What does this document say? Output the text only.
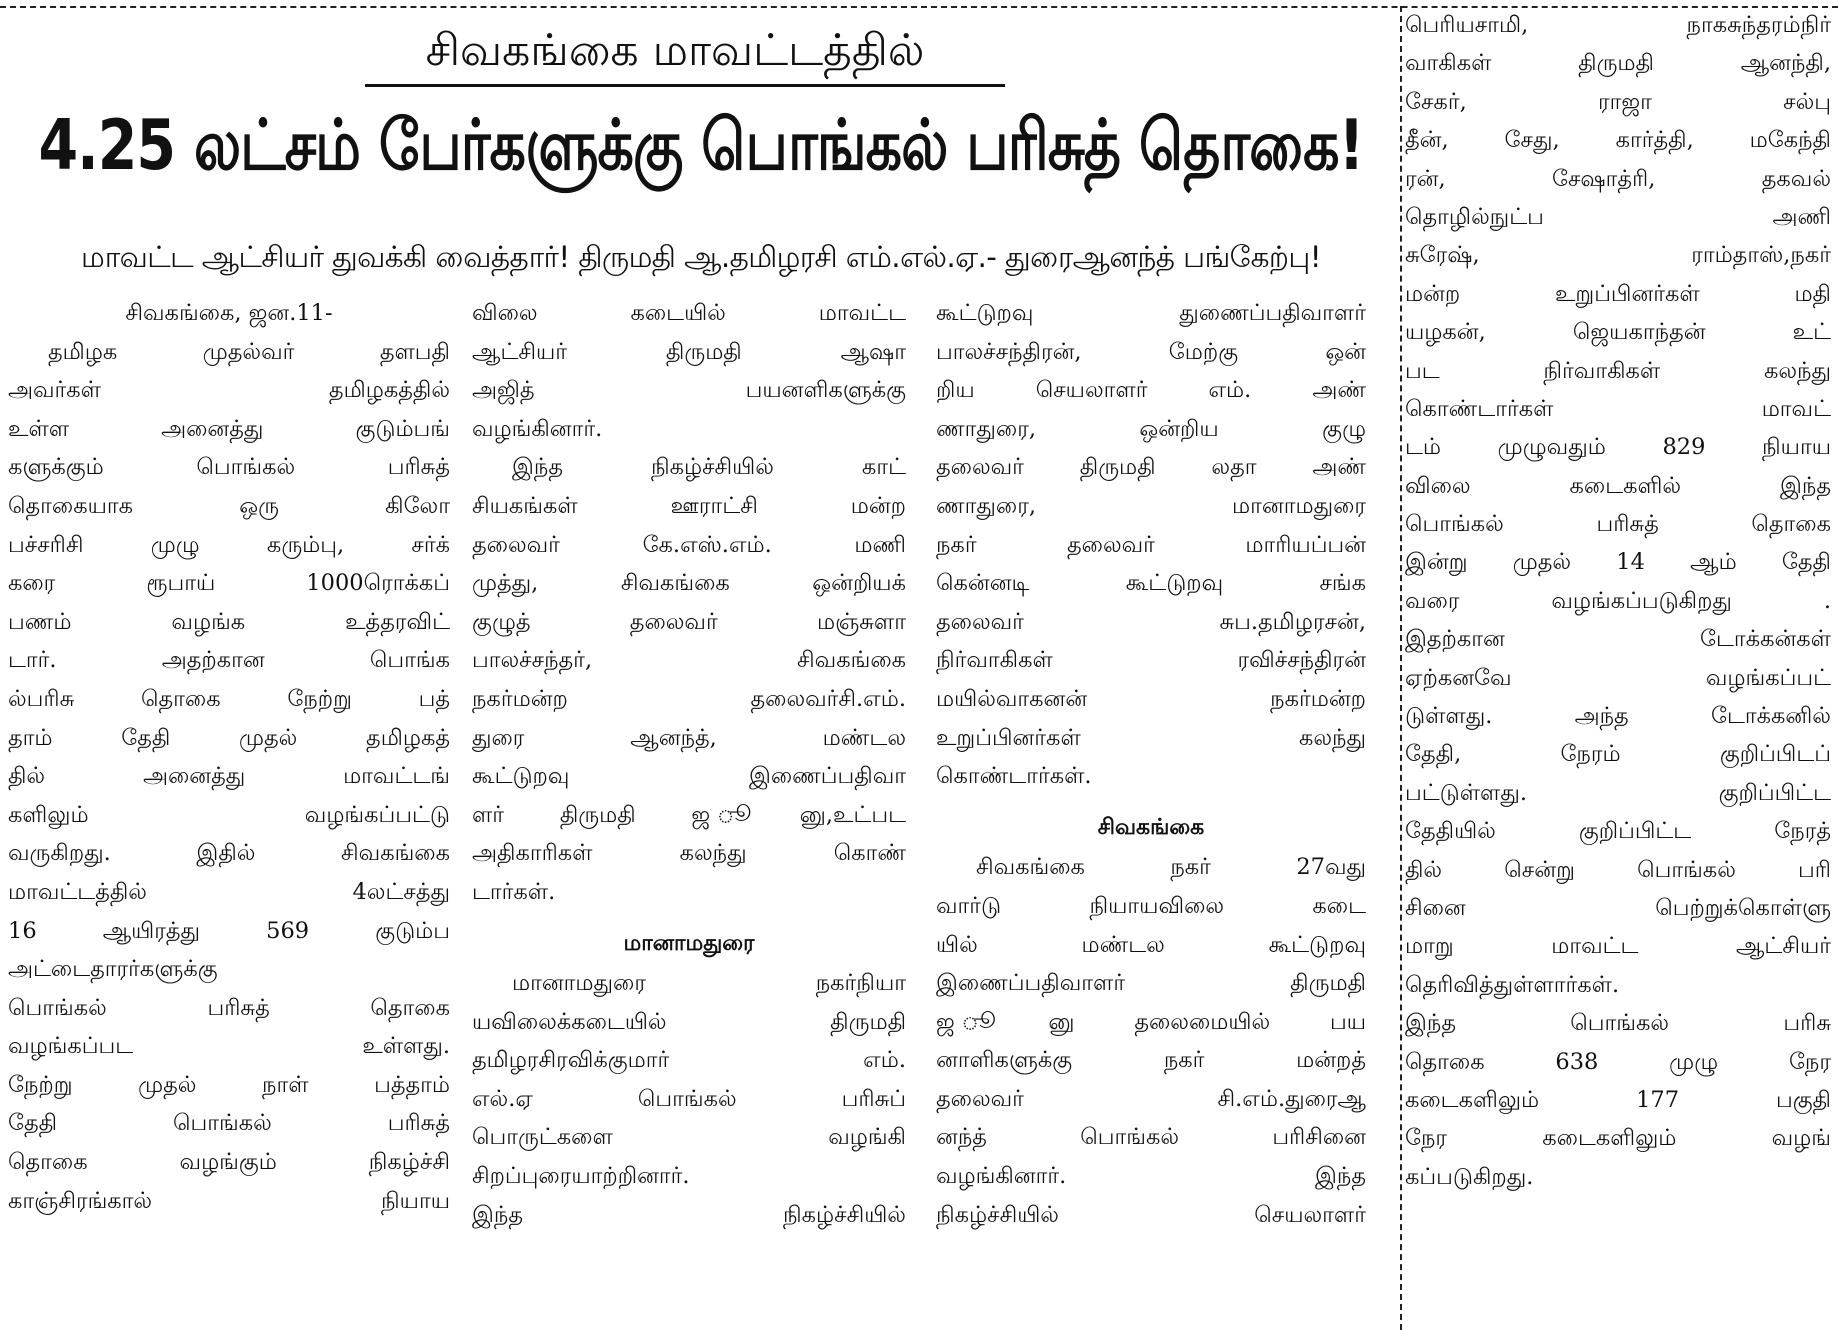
சிவகங்கை மாவட்டத்தில்
4.25 லட்சம் பேர்களுக்கு பொங்கல் பரிசுத் தொகை!
மாவட்ட ஆட்சியர் துவக்கி வைத்தார்! திருமதி ஆ.தமிழரசி எம்.எல்.ஏ.- துரைஆனந்த் பங்கேற்பு!
சிவகங்கை, ஜன.11-
தமிழக முதல்வர் தளபதி
அவர்கள் தமிழகத்தில்
உள்ள அனைத்து குடும்பங்
களுக்கும் பொங்கல் பரிசுத்
தொகையாக ஒரு கிலோ
பச்சரிசி முழு கரும்பு, சர்க்
கரை ரூபாய் 1000ரொக்கப்
பணம் வழங்க உத்தரவிட்
டார். அதற்கான பொங்க
ல்பரிசு தொகை நேற்று பத்
தாம் தேதி முதல் தமிழகத்
தில் அனைத்து மாவட்டங்
களிலும் வழங்கப்பட்டு
வருகிறது. இதில் சிவகங்கை
மாவட்டத்தில் 4லட்சத்து
16 ஆயிரத்து 569 குடும்ப
அட்டைதாரர்களுக்கு
பொங்கல் பரிசுத் தொகை
வழங்கப்பட உள்ளது.
நேற்று முதல் நாள் பத்தாம்
தேதி பொங்கல் பரிசுத்
தொகை வழங்கும் நிகழ்ச்சி
காஞ்சிரங்கால் நியாய
விலை கடையில் மாவட்ட
ஆட்சியர் திருமதி ஆஷா
அஜித் பயனளிகளுக்கு
வழங்கினார்.
இந்த நிகழ்ச்சியில் காட்
சியகங்கள் ஊராட்சி மன்ற
தலைவர் கே.எஸ்.எம். மணி
முத்து, சிவகங்கை ஒன்றியக்
குழுத் தலைவர் மஞ்சுளா
பாலச்சந்தர், சிவகங்கை
நகர்மன்ற தலைவர்சி.எம்.
துரை ஆனந்த், மண்டல
கூட்டுறவு இணைப்பதிவா
ளர் திருமதி ஜ ூனு,உட்பட
அதிகாரிகள் கலந்து கொண்
டார்கள்.
மானாமதுரை
மானாமதுரை நகர்நியா
யவிலைக்கடையில் திருமதி
தமிழரசிரவிக்குமார் எம்.
எல்.ஏ பொங்கல் பரிசுப்
பொருட்களை வழங்கி
சிறப்புரையாற்றினார்.
இந்த நிகழ்ச்சியில்
கூட்டுறவு துணைப்பதிவாளர்
பாலச்சந்திரன், மேற்கு ஒன்
றிய செயலாளர் எம். அண்
ணாதுரை, ஒன்றிய குழு
தலைவர் திருமதி லதா அண்
ணாதுரை, மானாமதுரை
நகர் தலைவர் மாரியப்பன்
கென்னடி கூட்டுறவு சங்க
தலைவர் சுப.தமிழரசன்,
நிர்வாகிகள் ரவிச்சந்திரன்
மயில்வாகனன் நகர்மன்ற
உறுப்பினர்கள் கலந்து
கொண்டார்கள்.
சிவகங்கை
சிவகங்கை நகர் 27வது
வார்டு நியாயவிலை கடை
யில் மண்டல கூட்டுறவு
இணைப்பதிவாளர் திருமதி
ஜ ூனு தலைமையில் பய
னாளிகளுக்கு நகர் மன்றத்
தலைவர் சி.எம்.துரைஆ
னந்த் பொங்கல் பரிசினை
வழங்கினார். இந்த
நிகழ்ச்சியில் செயலாளர்
பெரியசாமி, நாகசுந்தரம்நிர்
வாகிகள் திருமதி ஆனந்தி,
சேகர், ராஜா சல்பு
தீன், சேது, கார்த்தி, மகேந்தி
ரன், சேஷாத்ரி, தகவல்
தொழில்நுட்ப அணி
சுரேஷ், ராம்தாஸ்,நகர்
மன்ற உறுப்பினர்கள் மதி
யழகன், ஜெயகாந்தன் உட்
பட நிர்வாகிகள் கலந்து
கொண்டார்கள் மாவட்
டம் முழுவதும் 829 நியாய
விலை கடைகளில் இந்த
பொங்கல் பரிசுத் தொகை
இன்று முதல் 14 ஆம் தேதி
வரை வழங்கப்படுகிறது .
இதற்கான டோக்கன்கள்
ஏற்கனவே வழங்கப்பட்
டுள்ளது. அந்த டோக்கனில்
தேதி, நேரம் குறிப்பிடப்
பட்டுள்ளது. குறிப்பிட்ட
தேதியில் குறிப்பிட்ட நேரத்
தில் சென்று பொங்கல் பரி
சினை பெற்றுக்கொள்ளு
மாறு மாவட்ட ஆட்சியர்
தெரிவித்துள்ளார்கள்.
இந்த பொங்கல் பரிசு
தொகை 638 முழு நேர
கடைகளிலும் 177 பகுதி
நேர கடைகளிலும் வழங்
கப்படுகிறது.
